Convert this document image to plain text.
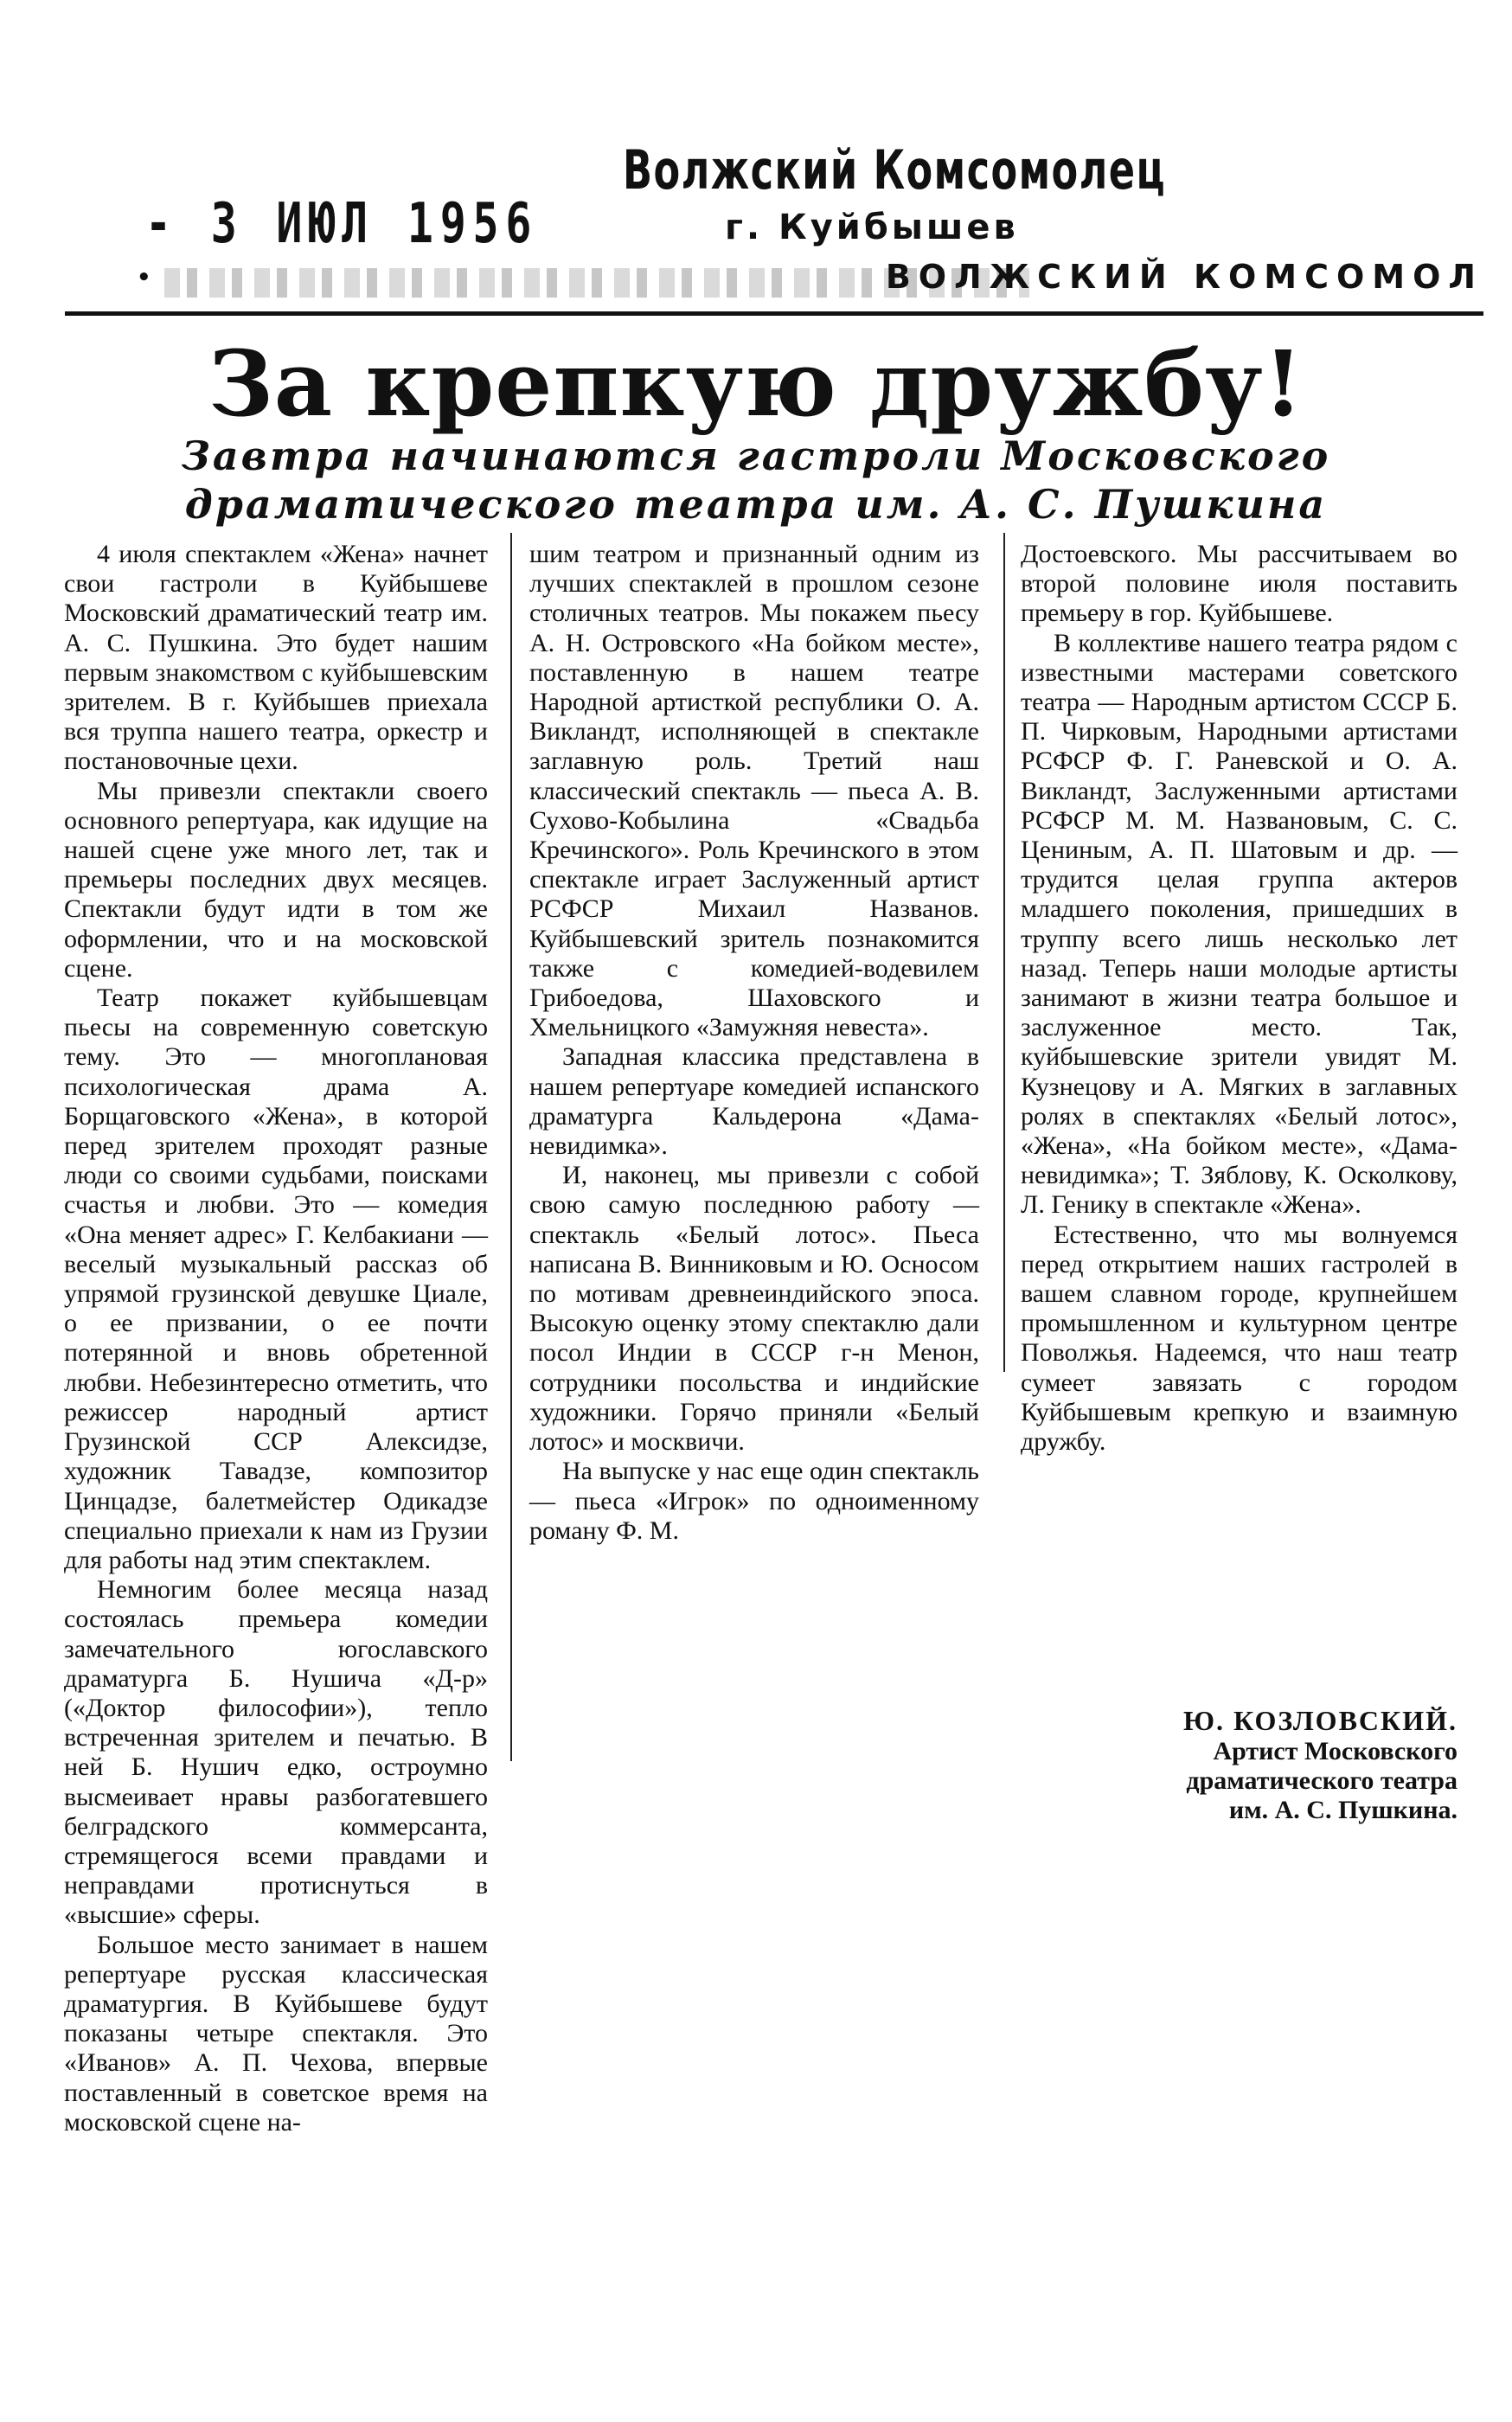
- 3 ИЮЛ 1956
Волжский Комсомолец
г. Куйбышев
•	ВОЛЖСКИЙ КОМСОМОЛ
За крепкую дружбу!
Завтра начинаются гастроли Московского
драматического театра им. А. С. Пушкина

4 июля спектаклем «Жена» начнет свои гастроли в Куйбышеве Московский драматический театр им. А. С. Пушкина. Это будет нашим первым знакомством с куйбышевским зрителем. В г. Куйбышев приехала вся труппа нашего театра, оркестр и постановочные цехи.

Мы привезли спектакли своего основного репертуара, как идущие на нашей сцене уже много лет, так и премьеры последних двух месяцев. Спектакли будут идти в том же оформлении, что и на московской сцене.

Театр покажет куйбышевцам пьесы на современную советскую тему. Это — многоплановая психологическая драма А. Борщаговского «Жена», в которой перед зрителем проходят разные люди со своими судьбами, поисками счастья и любви. Это — комедия «Она меняет адрес» Г. Келбакиани — веселый музыкальный рассказ об упрямой грузинской девушке Циале, о ее призвании, о ее почти потерянной и вновь обретенной любви. Небезинтересно отметить, что режиссер народный артист Грузинской ССР Алексидзе, художник Тавадзе, композитор Цинцадзе, балетмейстер Одикадзе специально приехали к нам из Грузии для работы над этим спектаклем.

Немногим более месяца назад состоялась премьера комедии замечательного югославского драматурга Б. Нушича «Д-р» («Доктор философии»), тепло встреченная зрителем и печатью. В ней Б. Нушич едко, остроумно высмеивает нравы разбогатевшего белградского коммерсанта, стремящегося всеми правдами и неправдами протиснуться в «высшие» сферы.

Большое место занимает в нашем репертуаре русская классическая драматургия. В Куйбышеве будут показаны четыре спектакля. Это «Иванов» А. П. Чехова, впервые поставленный в советское время на московской сцене на-

шим театром и признанный одним из лучших спектаклей в прошлом сезоне столичных театров. Мы покажем пьесу А. Н. Островского «На бойком месте», поставленную в нашем театре Народной артисткой республики О. А. Викландт, исполняющей в спектакле заглавную роль. Третий наш классический спектакль — пьеса А. В. Сухово-Кобылина «Свадьба Кречинского». Роль Кречинского в этом спектакле играет Заслуженный артист РСФСР Михаил Названов. Куйбышевский зритель познакомится также с комедией-водевилем Грибоедова, Шаховского и Хмельницкого «Замужняя невеста».

Западная классика представлена в нашем репертуаре комедией испанского драматурга Кальдерона «Дама-невидимка».

И, наконец, мы привезли с собой свою самую последнюю работу — спектакль «Белый лотос». Пьеса написана В. Винниковым и Ю. Осносом по мотивам древнеиндийского эпоса. Высокую оценку этому спектаклю дали посол Индии в СССР г-н Менон, сотрудники посольства и индийские художники. Горячо приняли «Белый лотос» и москвичи.

На выпуске у нас еще один спектакль — пьеса «Игрок» по одноименному роману Ф. М.

Достоевского. Мы рассчитываем во второй половине июля поставить премьеру в гор. Куйбышеве.

В коллективе нашего театра рядом с известными мастерами советского театра — Народным артистом СССР Б. П. Чирковым, Народными артистами РСФСР Ф. Г. Раневской и О. А. Викландт, Заслуженными артистами РСФСР М. М. Названовым, С. С. Цениным, А. П. Шатовым и др. — трудится целая группа актеров младшего поколения, пришедших в труппу всего лишь несколько лет назад. Теперь наши молодые артисты занимают в жизни театра большое и заслуженное место. Так, куйбышевские зрители увидят М. Кузнецову и А. Мягких в заглавных ролях в спектаклях «Белый лотос», «Жена», «На бойком месте», «Дама-невидимка»; Т. Зяблову, К. Осколкову, Л. Генику в спектакле «Жена».

Естественно, что мы волнуемся перед открытием наших гастролей в вашем славном городе, крупнейшем промышленном и культурном центре Поволжья. Надеемся, что наш театр сумеет завязать с городом Куйбышевым крепкую и взаимную дружбу.

Ю. КОЗЛОВСКИЙ.
Артист Московского
драматического театра
им. А. С. Пушкина.
